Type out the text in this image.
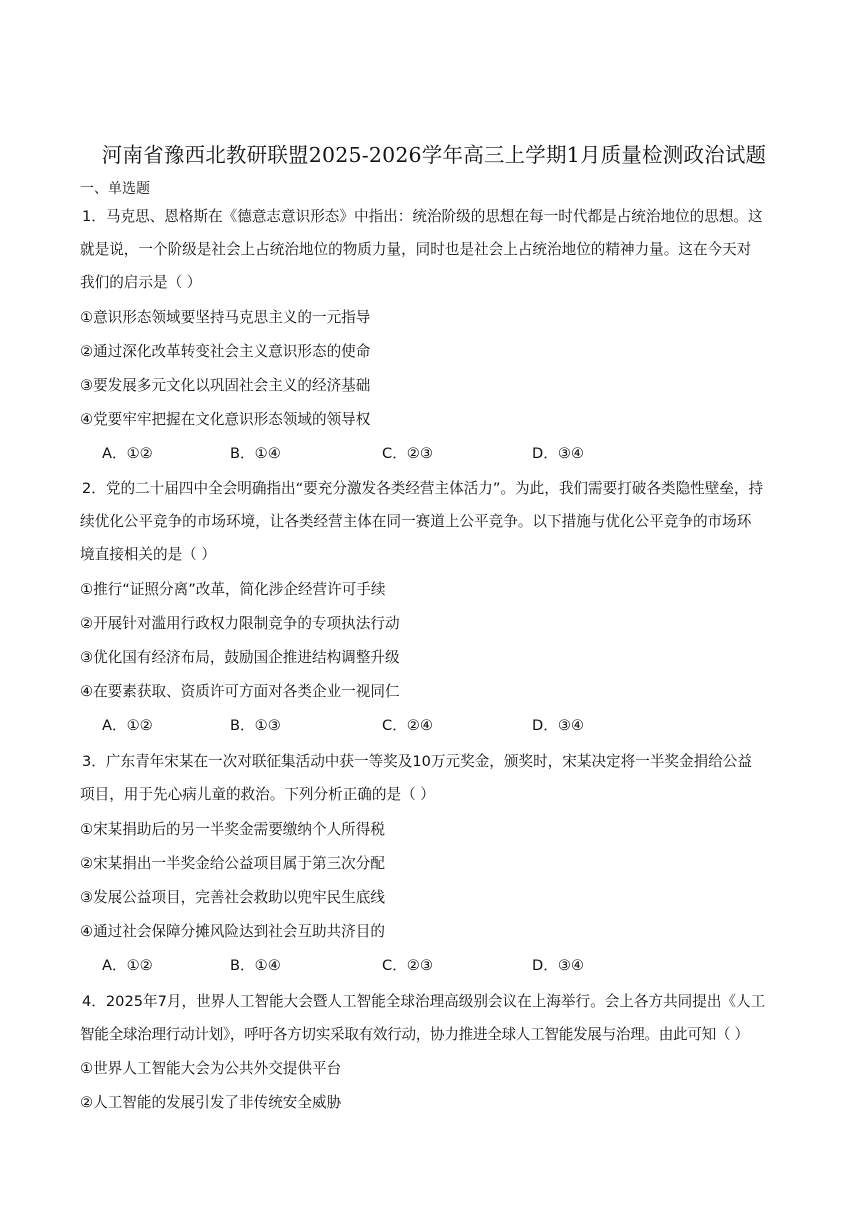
河南省豫西北教研联盟2025-2026学年高三上学期1月质量检测政治试题
一、单选题
1．马克思、恩格斯在《德意志意识形态》中指出：统治阶级的思想在每一时代都是占统治地位的思想。这
就是说，一个阶级是社会上占统治地位的物质力量，同时也是社会上占统治地位的精神力量。这在今天对
我们的启示是（ ）
①意识形态领域要坚持马克思主义的一元指导
②通过深化改革转变社会主义意识形态的使命
③要发展多元文化以巩固社会主义的经济基础
④党要牢牢把握在文化意识形态领域的领导权
A．①②	B．①④	C．②③	D．③④
2．党的二十届四中全会明确指出“要充分激发各类经营主体活力”。为此，我们需要打破各类隐性壁垒，持
续优化公平竞争的市场环境，让各类经营主体在同一赛道上公平竞争。以下措施与优化公平竞争的市场环
境直接相关的是（ ）
①推行“证照分离”改革，简化涉企经营许可手续
②开展针对滥用行政权力限制竞争的专项执法行动
③优化国有经济布局，鼓励国企推进结构调整升级
④在要素获取、资质许可方面对各类企业一视同仁
A．①②	B．①③	C．②④	D．③④
3．广东青年宋某在一次对联征集活动中获一等奖及10万元奖金，颁奖时，宋某决定将一半奖金捐给公益
项目，用于先心病儿童的救治。下列分析正确的是（ ）
①宋某捐助后的另一半奖金需要缴纳个人所得税
②宋某捐出一半奖金给公益项目属于第三次分配
③发展公益项目，完善社会救助以兜牢民生底线
④通过社会保障分摊风险达到社会互助共济目的
A．①②	B．①④	C．②③	D．③④
4．2025年7月，世界人工智能大会暨人工智能全球治理高级别会议在上海举行。会上各方共同提出《人工
智能全球治理行动计划》，呼吁各方切实采取有效行动，协力推进全球人工智能发展与治理。由此可知（ ）
①世界人工智能大会为公共外交提供平台
②人工智能的发展引发了非传统安全威胁
